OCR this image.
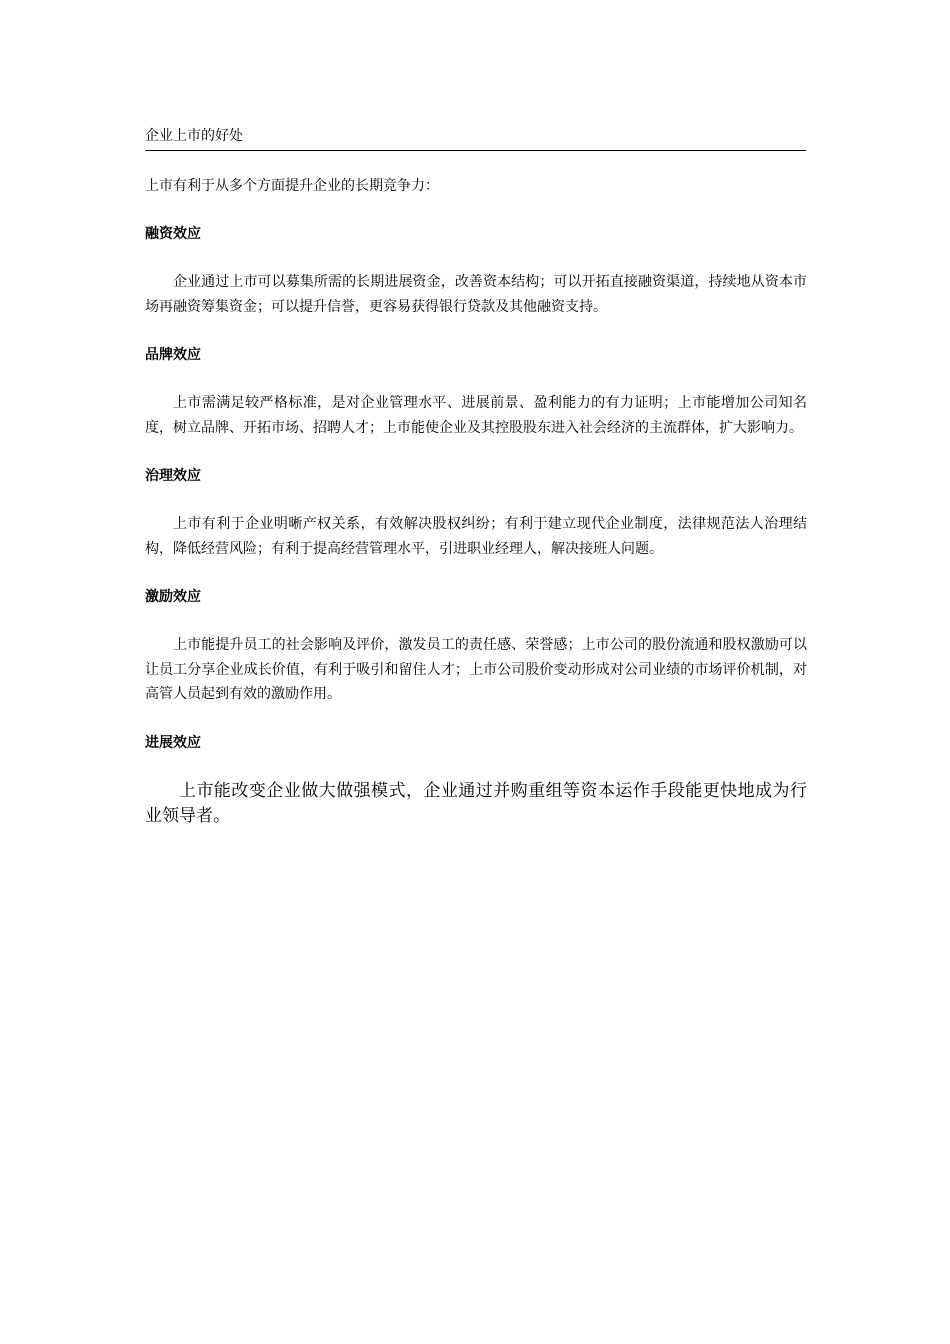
企业上市的好处

上市有利于从多个方面提升企业的长期竞争力：

融资效应

企业通过上市可以募集所需的长期进展资金，改善资本结构；可以开拓直接融资渠道，持续地从资本市场再融资筹集资金；可以提升信誉，更容易获得银行贷款及其他融资支持。

品牌效应

上市需满足较严格标准，是对企业管理水平、进展前景、盈利能力的有力证明；上市能增加公司知名度，树立品牌、开拓市场、招聘人才；上市能使企业及其控股股东进入社会经济的主流群体，扩大影响力。

治理效应

上市有利于企业明晰产权关系，有效解决股权纠纷；有利于建立现代企业制度，法律规范法人治理结构，降低经营风险；有利于提高经营管理水平，引进职业经理人，解决接班人问题。

激励效应

上市能提升员工的社会影响及评价，激发员工的责任感、荣誉感；上市公司的股份流通和股权激励可以让员工分享企业成长价值，有利于吸引和留住人才；上市公司股价变动形成对公司业绩的市场评价机制，对高管人员起到有效的激励作用。

进展效应

上市能改变企业做大做强模式，企业通过并购重组等资本运作手段能更快地成为行业领导者。
